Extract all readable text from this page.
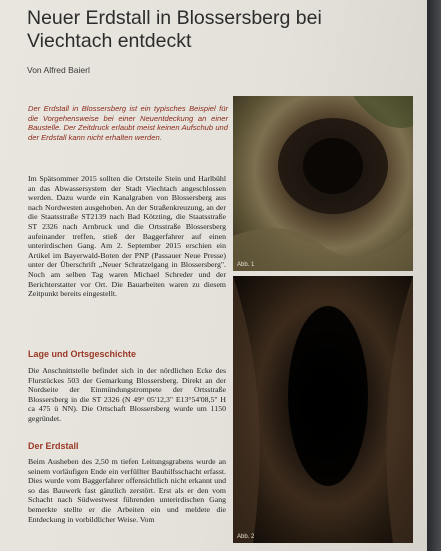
Neuer Erdstall in Blossersberg bei Viechtach entdeckt
Von Alfred Baierl
Der Erdstall in Blossersberg ist ein typisches Beispiel für die Vorgehensweise bei einer Neuentdeckung an einer Baustelle. Der Zeitdruck erlaubt meist keinen Aufschub und der Erdstall kann nicht erhalten werden.
Im Spätsommer 2015 sollten die Ortsteile Stein und Harlbühl an das Abwassersystem der Stadt Viechtach angeschlossen werden. Dazu wurde ein Kanalgraben von Blossersberg aus nach Nordwesten ausgehoben. An der Straßenkreuzung, an der die Staatsstraße ST2139 nach Bad Kötzting, die Staatsstraße ST 2326 nach Arnbruck und die Ortsstraße Blossersberg aufeinander treffen, stieß der Baggerfahrer auf einen unterirdischen Gang. Am 2. September 2015 erschien ein Artikel im Bayerwald-Boten der PNP (Passauer Neue Presse) unter der Überschrift „Neuer Schratzelgang in Blossersberg". Noch am selben Tag waren Michael Schreder und der Berichterstatter vor Ort. Die Bauarbeiten waren zu diesem Zeitpunkt bereits eingestellt.
Lage und Ortsgeschichte
Die Anschnittstelle befindet sich in der nördlichen Ecke des Flurstückes 503 der Gemarkung Blossersberg. Direkt an der Nordseite der Einmündungstrompete der Ortsstraße Blossersberg in die ST 2326 (N 49° 05'12,3" E13°54'08,5" H ca 475 ü NN). Die Ortschaft Blossersberg wurde um 1150 gegründet.
Der Erdstall
Beim Ausheben des 2,50 m tiefen Leitungsgrabens wurde an seinem vorläufigen Ende ein verfüllter Bauhilfsschacht erfasst. Dies wurde vom Baggerfahrer offensichtlich nicht erkannt und so das Bauwerk fast gänzlich zerstört. Erst als er den vom Schacht nach Südwestwest führenden unterirdischen Gang bemerkte stellte er die Arbeiten ein und meldete die Entdeckung in vorbildlicher Weise. Vom
Abb. 1
Abb. 2
